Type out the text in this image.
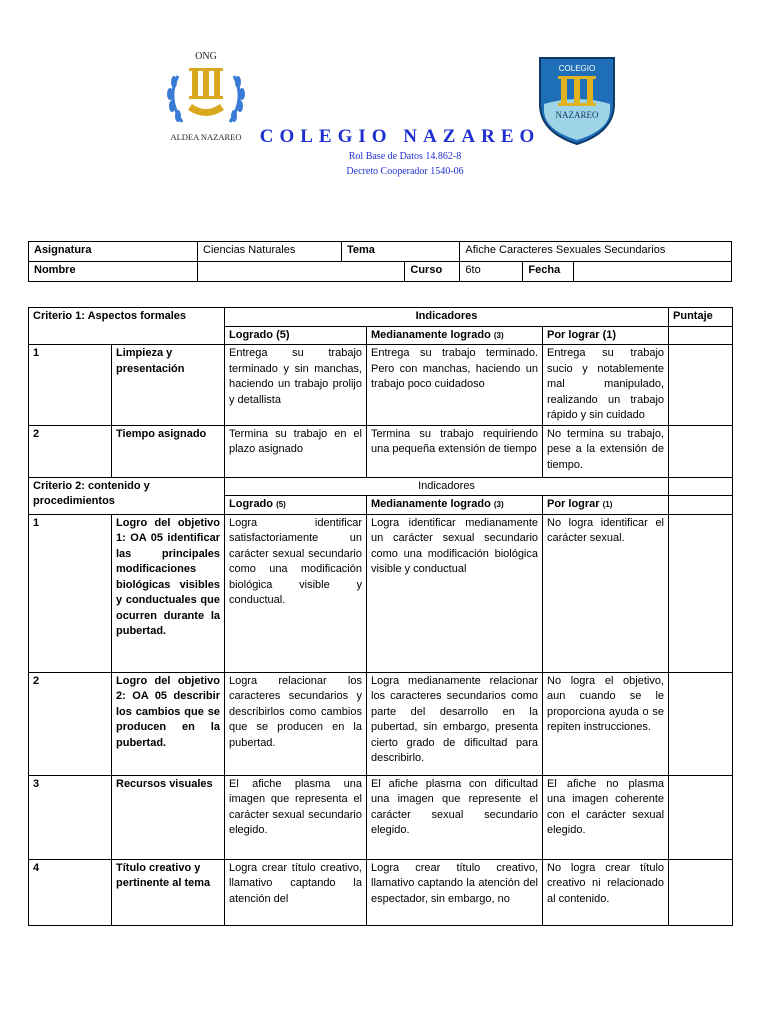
ONG
ALDEA NAZAREO
COLEGIO
NAZAREO
COLEGIO NAZAREO
Rol Base de Datos 14.862-8
Decreto Cooperador 1540-06
Asignatura	Ciencias Naturales	Tema		Afiche Caracteres Sexuales Secundarios		
Nombre			Curso	6to	Fecha	
Criterio 1: Aspectos formales		Indicadores			Puntaje
		Logrado (5)	Medianamente logrado (3)	Por lograr (1)	
1	Limpieza y presentación	Entrega su trabajo terminado y sin manchas, haciendo un trabajo prolijo y detallista	Entrega su trabajo terminado. Pero con manchas, haciendo un trabajo poco cuidadoso	Entrega su trabajo sucio y notablemente mal manipulado, realizando un trabajo rápido y sin cuidado	
2	Tiempo asignado	Termina su trabajo en el plazo asignado	Termina su trabajo requiriendo una pequeña extensión de tiempo	No termina su trabajo, pese a la extensión de tiempo.	
Criterio 2: contenido y procedimientos		Indicadores			
		Logrado (5)	Medianamente logrado (3)	Por lograr (1)	
1	Logro del objetivo 1: OA 05 identificar las principales modificaciones biológicas visibles y conductuales que ocurren durante la pubertad.	Logra identificar satisfactoriamente un carácter sexual secundario como una modificación biológica visible y conductual.	Logra identificar medianamente un carácter sexual secundario como una modificación biológica visible y conductual	No logra identificar el carácter sexual.	
2	Logro del objetivo 2: OA 05 describir los cambios que se producen en la pubertad.	Logra relacionar los caracteres secundarios y describirlos como cambios que se producen en la pubertad.	Logra medianamente relacionar los caracteres secundarios como parte del desarrollo en la pubertad, sin embargo, presenta cierto grado de dificultad para describirlo.	No logra el objetivo, aun cuando se le proporciona ayuda o se repiten instrucciones.	
3	Recursos visuales	El afiche plasma una imagen que representa el carácter sexual secundario elegido.	El afiche plasma con dificultad una imagen que represente el carácter sexual secundario elegido.	El afiche no plasma una imagen coherente con el carácter sexual elegido.	
4	Título creativo y pertinente al tema	Logra crear título creativo, llamativo captando la atención del	Logra crear título creativo, llamativo captando la atención del espectador, sin embargo, no	No logra crear título creativo ni relacionado al contenido.	
